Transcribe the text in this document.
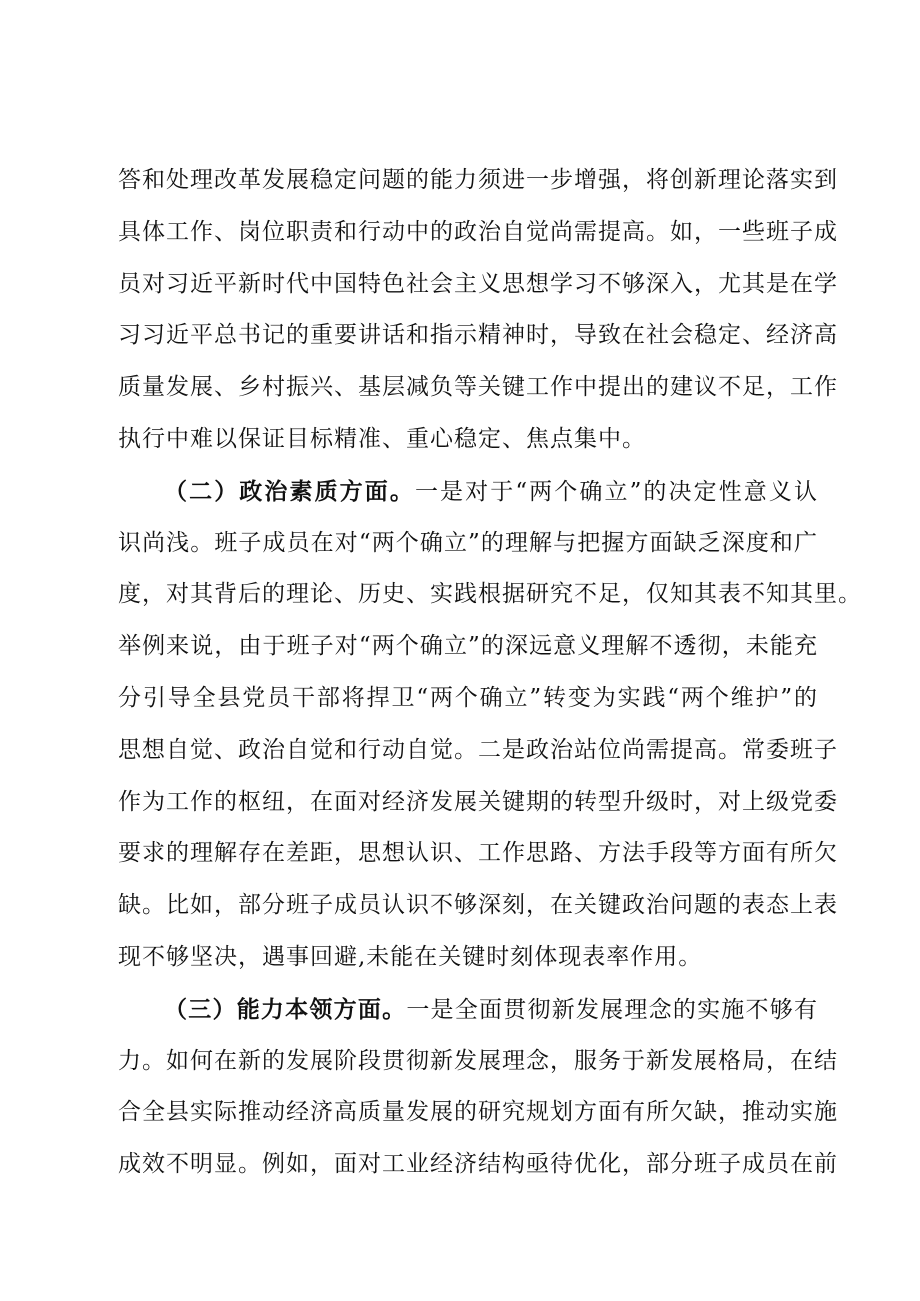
答和处理改革发展稳定问题的能力须进一步增强，将创新理论落实到
具体工作、岗位职责和行动中的政治自觉尚需提高。如，一些班子成
员对习近平新时代中国特色社会主义思想学习不够深入，尤其是在学
习习近平总书记的重要讲话和指示精神时，导致在社会稳定、经济高
质量发展、乡村振兴、基层减负等关键工作中提出的建议不足，工作
执行中难以保证目标精准、重心稳定、焦点集中。
（二）政治素质方面。一是对于“两个确立”的决定性意义认
识尚浅。班子成员在对“两个确立”的理解与把握方面缺乏深度和广
度，对其背后的理论、历史、实践根据研究不足，仅知其表不知其里。
举例来说，由于班子对“两个确立”的深远意义理解不透彻，未能充
分引导全县党员干部将捍卫“两个确立”转变为实践“两个维护”的
思想自觉、政治自觉和行动自觉。二是政治站位尚需提高。常委班子
作为工作的枢纽，在面对经济发展关键期的转型升级时，对上级党委
要求的理解存在差距，思想认识、工作思路、方法手段等方面有所欠
缺。比如，部分班子成员认识不够深刻，在关键政治问题的表态上表
现不够坚决，遇事回避,未能在关键时刻体现表率作用。
（三）能力本领方面。一是全面贯彻新发展理念的实施不够有
力。如何在新的发展阶段贯彻新发展理念，服务于新发展格局，在结
合全县实际推动经济高质量发展的研究规划方面有所欠缺，推动实施
成效不明显。例如，面对工业经济结构亟待优化，部分班子成员在前
